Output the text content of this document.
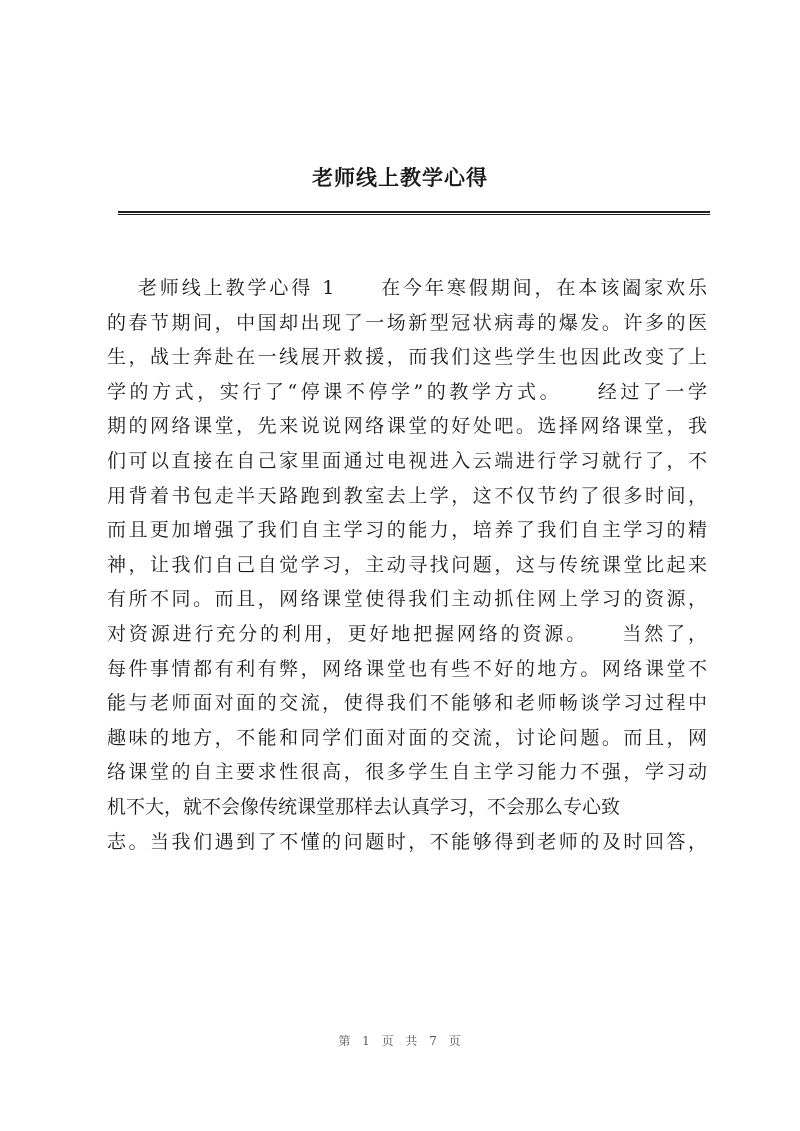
老师线上教学心得
　 老师线上教学心得 1　　在今年寒假期间，在本该阖家欢乐
的春节期间，中国却出现了一场新型冠状病毒的爆发。许多的医
生，战士奔赴在一线展开救援，而我们这些学生也因此改变了上
学的方式，实行了“停课不停学”的教学方式。　　经过了一学
期的网络课堂，先来说说网络课堂的好处吧。选择网络课堂，我
们可以直接在自己家里面通过电视进入云端进行学习就行了，不
用背着书包走半天路跑到教室去上学，这不仅节约了很多时间，
而且更加增强了我们自主学习的能力，培养了我们自主学习的精
神，让我们自己自觉学习，主动寻找问题，这与传统课堂比起来
有所不同。而且，网络课堂使得我们主动抓住网上学习的资源，
对资源进行充分的利用，更好地把握网络的资源。　　当然了，
每件事情都有利有弊，网络课堂也有些不好的地方。网络课堂不
能与老师面对面的交流，使得我们不能够和老师畅谈学习过程中
趣味的地方，不能和同学们面对面的交流，讨论问题。而且，网
络课堂的自主要求性很高，很多学生自主学习能力不强，学习动
机不大，就不会像传统课堂那样去认真学习，不会那么专心致
志。当我们遇到了不懂的问题时，不能够得到老师的及时回答，
第 1 页 共 7 页
